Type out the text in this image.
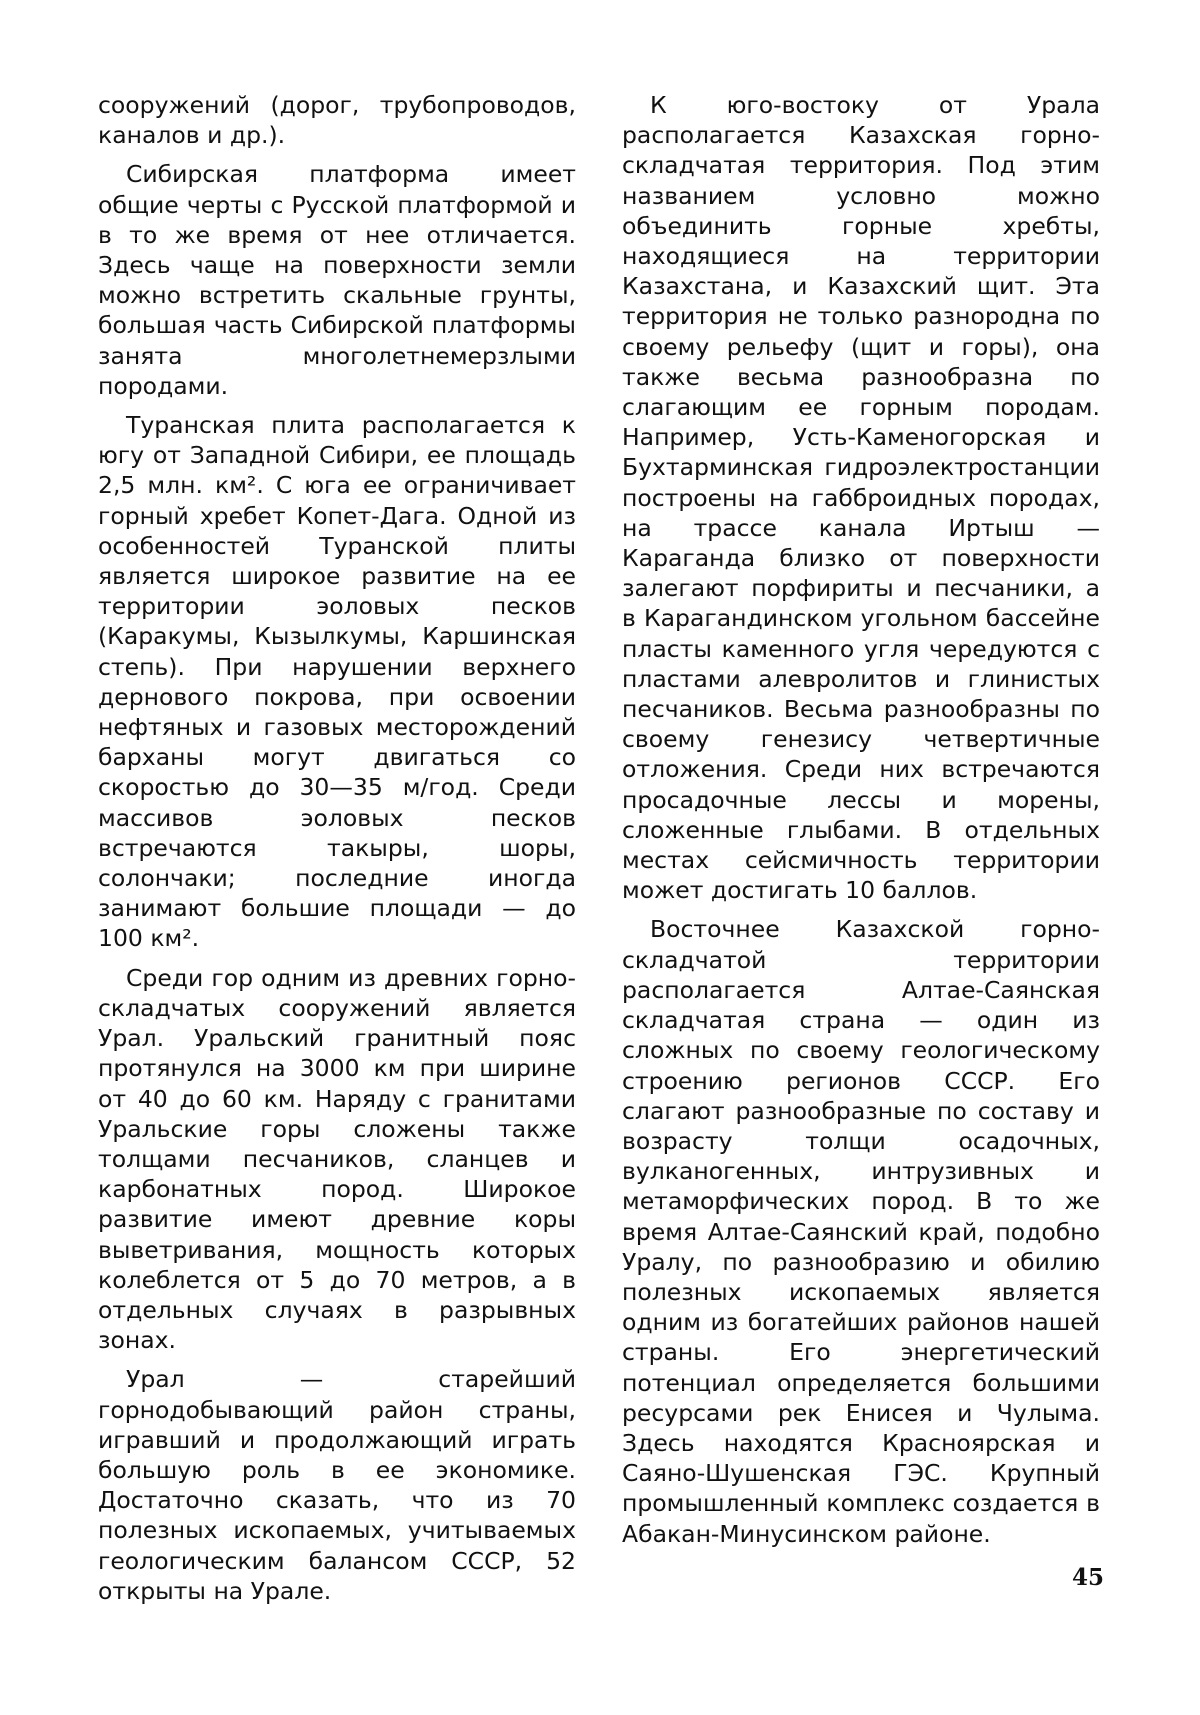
сооружений (дорог, трубопроводов, каналов и др.).

Сибирская платформа имеет общие черты с Русской платформой и в то же время от нее отличается. Здесь чаще на поверхности земли можно встретить скальные грунты, большая часть Сибирской платформы занята многолетнемерзлыми породами.

Туранская плита располагается к югу от Западной Сибири, ее площадь 2,5 млн. км². С юга ее ограничивает горный хребет Копет-Дага. Одной из особенностей Туранской плиты является широкое развитие на ее территории эоловых песков (Каракумы, Кызылкумы, Каршинская степь). При нарушении верхнего дернового покрова, при освоении нефтяных и газовых месторождений барханы могут двигаться со скоростью до 30—35 м/год. Среди массивов эоловых песков встречаются такыры, шоры, солончаки; последние иногда занимают большие площади — до 100 км².

Среди гор одним из древних горно-складчатых сооружений является Урал. Уральский гранитный пояс протянулся на 3000 км при ширине от 40 до 60 км. Наряду с гранитами Уральские горы сложены также толщами песчаников, сланцев и карбонатных пород. Широкое развитие имеют древние коры выветривания, мощность которых колеблется от 5 до 70 метров, а в отдельных случаях в разрывных зонах.

Урал — старейший горнодобывающий район страны, игравший и продолжающий играть большую роль в ее экономике. Достаточно сказать, что из 70 полезных ископаемых, учитываемых геологическим балансом СССР, 52 открыты на Урале.

К юго-востоку от Урала располагается Казахская горно-складчатая территория. Под этим названием условно можно объединить горные хребты, находящиеся на территории Казахстана, и Казахский щит. Эта территория не только разнородна по своему рельефу (щит и горы), она также весьма разнообразна по слагающим ее горным породам. Например, Усть-Каменогорская и Бухтарминская гидроэлектростанции построены на габброидных породах, на трассе канала Иртыш — Караганда близко от поверхности залегают порфириты и песчаники, а в Карагандинском угольном бассейне пласты каменного угля чередуются с пластами алевролитов и глинистых песчаников. Весьма разнообразны по своему генезису четвертичные отложения. Среди них встречаются просадочные лессы и морены, сложенные глыбами. В отдельных местах сейсмичность территории может достигать 10 баллов.

Восточнее Казахской горно-складчатой территории располагается Алтае-Саянская складчатая страна — один из сложных по своему геологическому строению регионов СССР. Его слагают разнообразные по составу и возрасту толщи осадочных, вулканогенных, интрузивных и метаморфических пород. В то же время Алтае-Саянский край, подобно Уралу, по разнообразию и обилию полезных ископаемых является одним из богатейших районов нашей страны. Его энергетический потенциал определяется большими ресурсами рек Енисея и Чулыма. Здесь находятся Красноярская и Саяно-Шушенская ГЭС. Крупный промышленный комплекс создается в Абакан-Минусинском районе.

45
